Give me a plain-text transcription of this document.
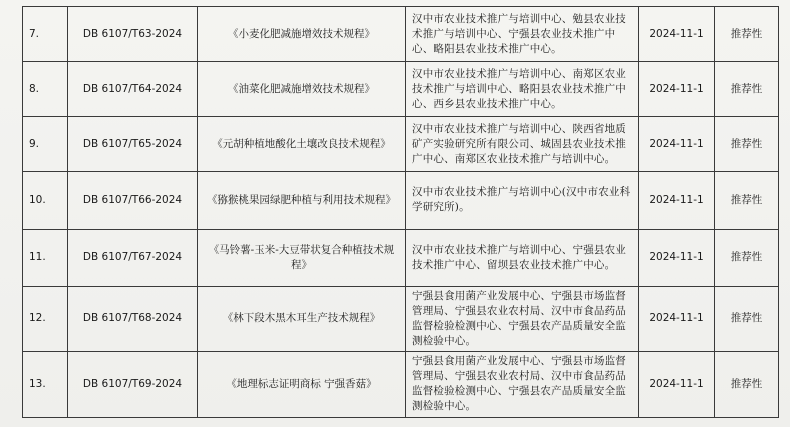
7.	DB 6107/T63-2024	《小麦化肥减施增效技术规程》	汉中市农业技术推广与培训中心、勉县农业技术推广与培训中心、宁强县农业技术推广中心、略阳县农业技术推广中心。	2024-11-1	推荐性
8.	DB 6107/T64-2024	《油菜化肥减施增效技术规程》	汉中市农业技术推广与培训中心、南郑区农业技术推广与培训中心、略阳县农业技术推广中心、西乡县农业技术推广中心。	2024-11-1	推荐性
9.	DB 6107/T65-2024	《元胡种植地酸化土壤改良技术规程》	汉中市农业技术推广与培训中心、陕西省地质矿产实验研究所有限公司、城固县农业技术推广中心、南郑区农业技术推广与培训中心。	2024-11-1	推荐性
10.	DB 6107/T66-2024	《猕猴桃果园绿肥种植与利用技术规程》	汉中市农业技术推广与培训中心(汉中市农业科学研究所)。	2024-11-1	推荐性
11.	DB 6107/T67-2024	《马铃薯-玉米-大豆带状复合种植技术规程》	汉中市农业技术推广与培训中心、宁强县农业技术推广中心、留坝县农业技术推广中心。	2024-11-1	推荐性
12.	DB 6107/T68-2024	《林下段木黑木耳生产技术规程》	宁强县食用菌产业发展中心、宁强县市场监督管理局、宁强县农业农村局、汉中市食品药品监督检验检测中心、宁强县农产品质量安全监测检验中心。	2024-11-1	推荐性
13.	DB 6107/T69-2024	《地理标志证明商标 宁强香菇》	宁强县食用菌产业发展中心、宁强县市场监督管理局、宁强县农业农村局、汉中市食品药品监督检验检测中心、宁强县农产品质量安全监测检验中心。	2024-11-1	推荐性
